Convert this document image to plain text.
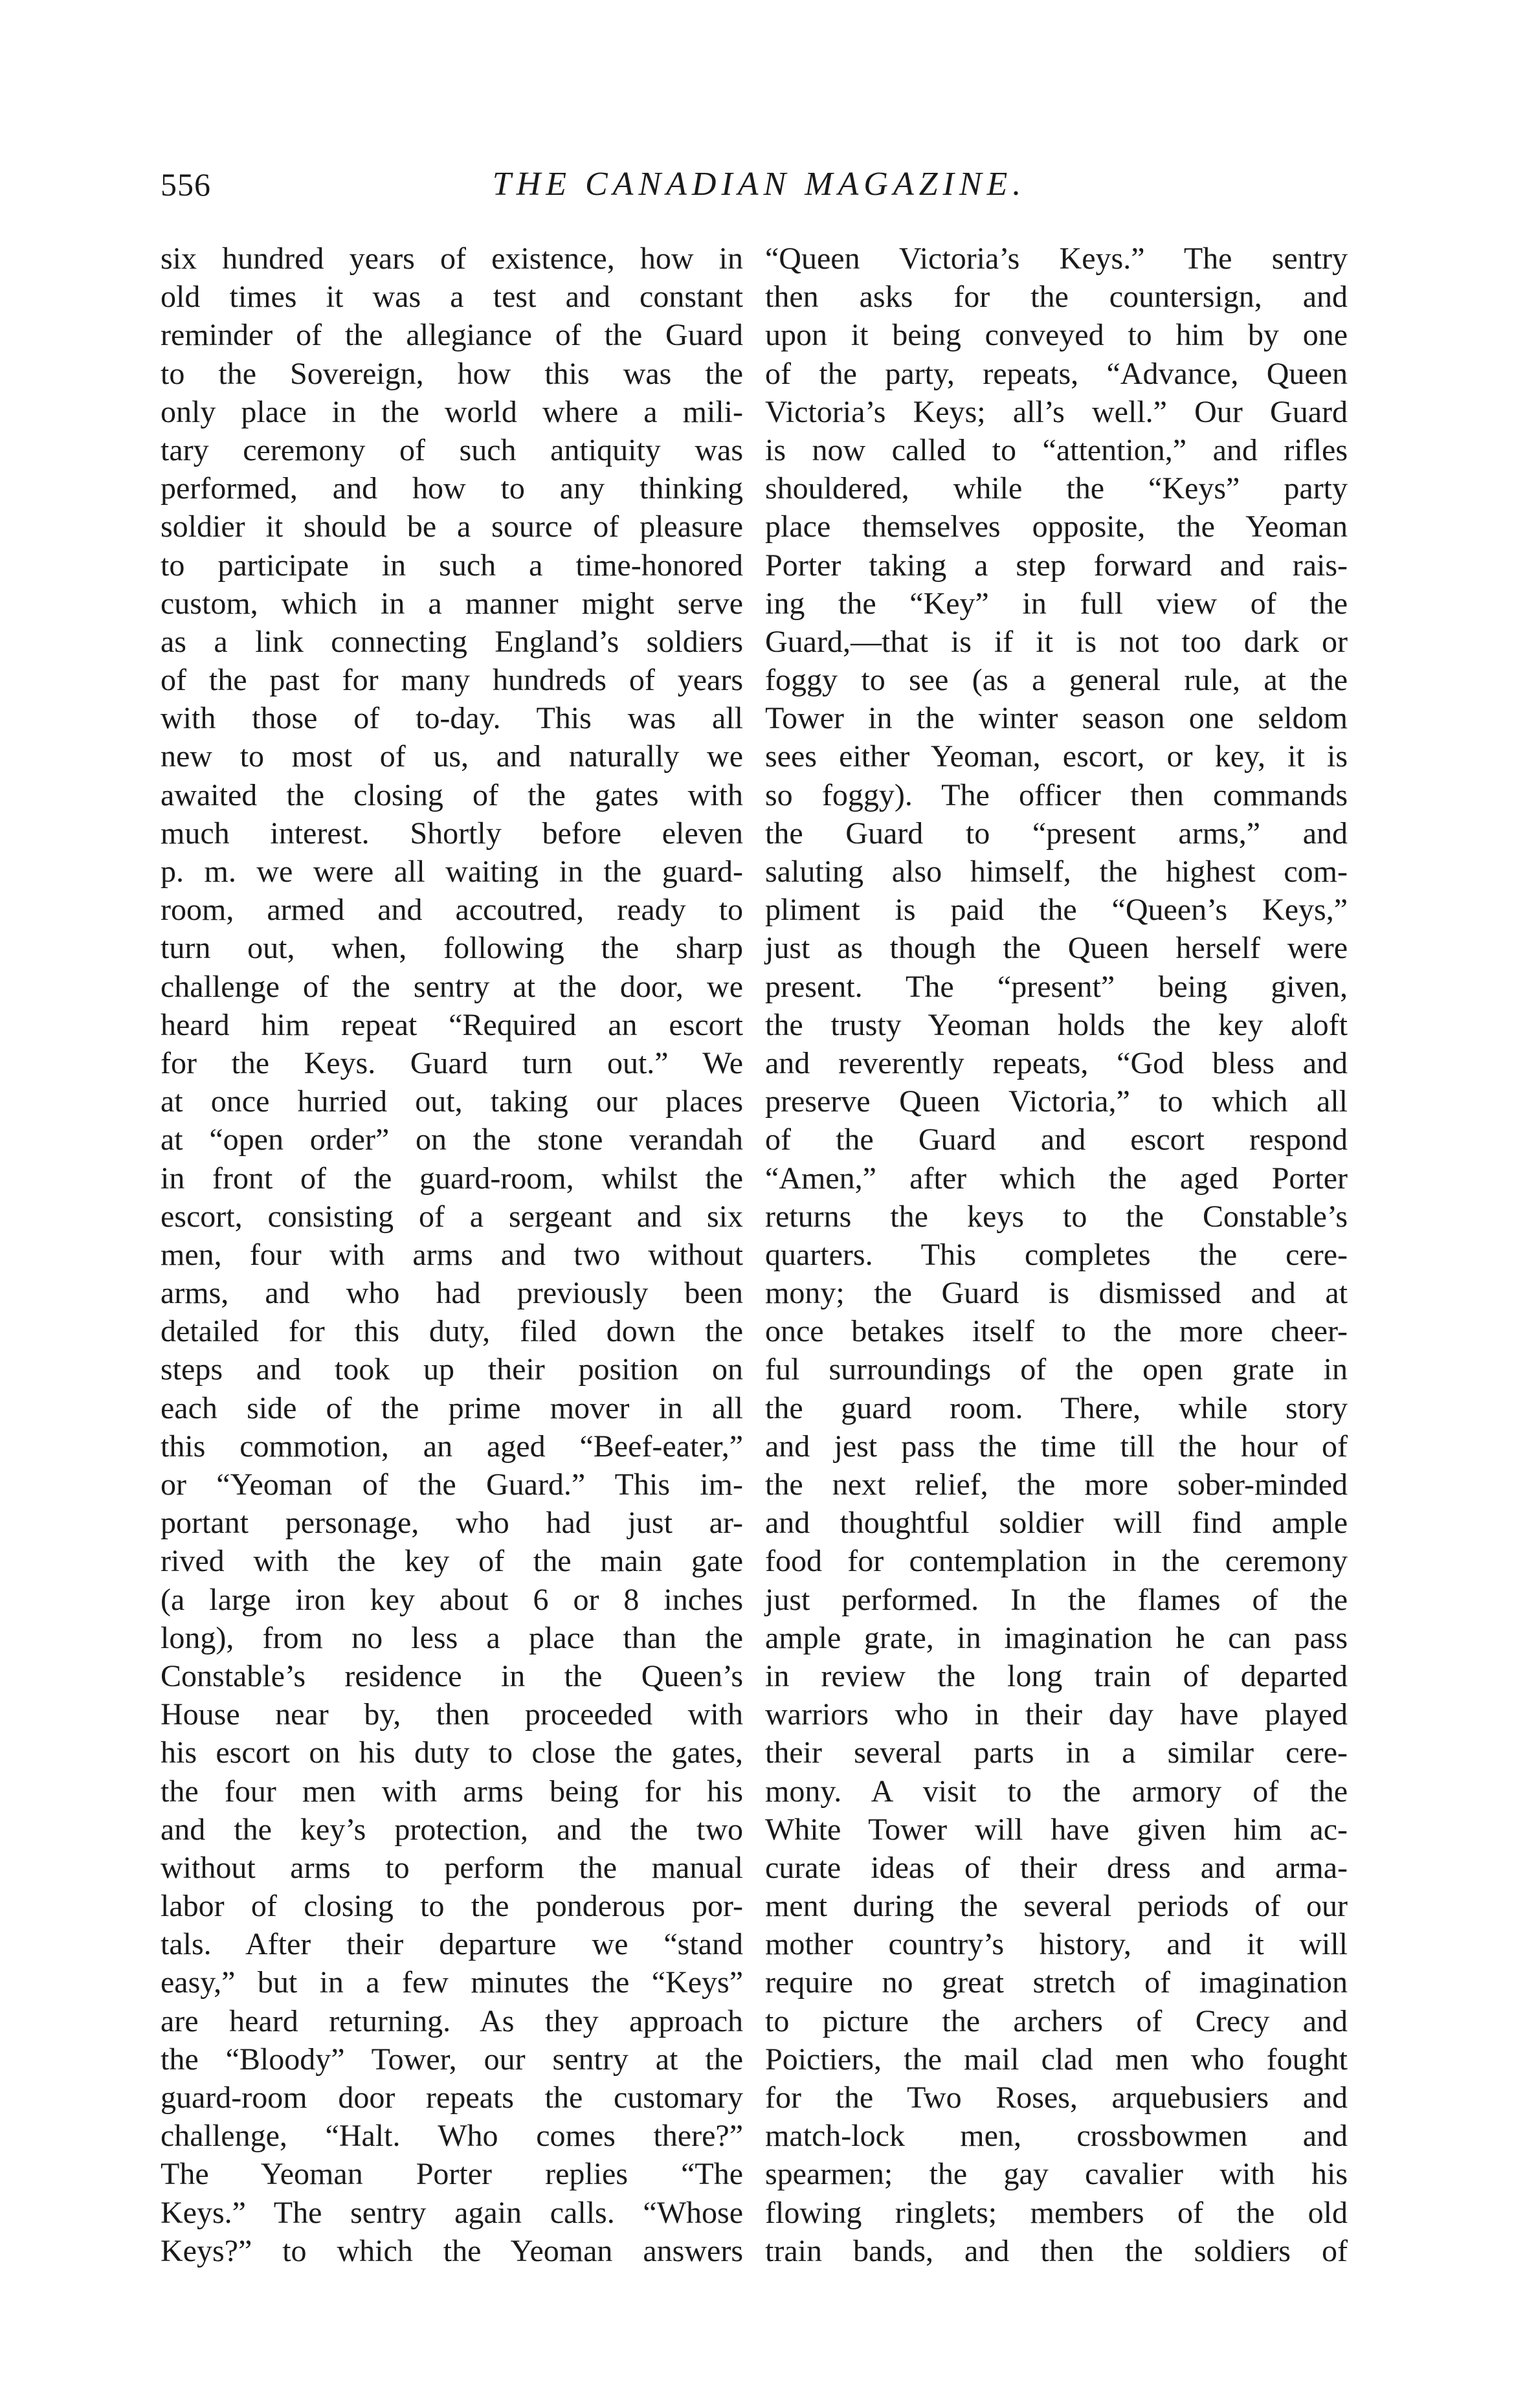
556	THE CANADIAN MAGAZINE.
six hundred years of existence, how in
old times it was a test and constant
reminder of the allegiance of the Guard
to the Sovereign, how this was the
only place in the world where a mili-
tary ceremony of such antiquity was
performed, and how to any thinking
soldier it should be a source of pleasure
to participate in such a time-honored
custom, which in a manner might serve
as a link connecting England’s soldiers
of the past for many hundreds of years
with those of to-day. This was all
new to most of us, and naturally we
awaited the closing of the gates with
much interest. Shortly before eleven
p. m. we were all waiting in the guard-
room, armed and accoutred, ready to
turn out, when, following the sharp
challenge of the sentry at the door, we
heard him repeat “Required an escort
for the Keys. Guard turn out.” We
at once hurried out, taking our places
at “open order” on the stone verandah
in front of the guard-room, whilst the
escort, consisting of a sergeant and six
men, four with arms and two without
arms, and who had previously been
detailed for this duty, filed down the
steps and took up their position on
each side of the prime mover in all
this commotion, an aged “Beef-eater,”
or “Yeoman of the Guard.” This im-
portant personage, who had just ar-
rived with the key of the main gate
(a large iron key about 6 or 8 inches
long), from no less a place than the
Constable’s residence in the Queen’s
House near by, then proceeded with
his escort on his duty to close the gates,
the four men with arms being for his
and the key’s protection, and the two
without arms to perform the manual
labor of closing to the ponderous por-
tals. After their departure we “stand
easy,” but in a few minutes the “Keys”
are heard returning. As they approach
the “Bloody” Tower, our sentry at the
guard-room door repeats the customary
challenge, “Halt. Who comes there?”
The Yeoman Porter replies “The
Keys.” The sentry again calls. “Whose
Keys?” to which the Yeoman answers
“Queen Victoria’s Keys.” The sentry
then asks for the countersign, and
upon it being conveyed to him by one
of the party, repeats, “Advance, Queen
Victoria’s Keys; all’s well.” Our Guard
is now called to “attention,” and rifles
shouldered, while the “Keys” party
place themselves opposite, the Yeoman
Porter taking a step forward and rais-
ing the “Key” in full view of the
Guard,—that is if it is not too dark or
foggy to see (as a general rule, at the
Tower in the winter season one seldom
sees either Yeoman, escort, or key, it is
so foggy). The officer then commands
the Guard to “present arms,” and
saluting also himself, the highest com-
pliment is paid the “Queen’s Keys,”
just as though the Queen herself were
present. The “present” being given,
the trusty Yeoman holds the key aloft
and reverently repeats, “God bless and
preserve Queen Victoria,” to which all
of the Guard and escort respond
“Amen,” after which the aged Porter
returns the keys to the Constable’s
quarters. This completes the cere-
mony; the Guard is dismissed and at
once betakes itself to the more cheer-
ful surroundings of the open grate in
the guard room. There, while story
and jest pass the time till the hour of
the next relief, the more sober-minded
and thoughtful soldier will find ample
food for contemplation in the ceremony
just performed. In the flames of the
ample grate, in imagination he can pass
in review the long train of departed
warriors who in their day have played
their several parts in a similar cere-
mony. A visit to the armory of the
White Tower will have given him ac-
curate ideas of their dress and arma-
ment during the several periods of our
mother country’s history, and it will
require no great stretch of imagination
to picture the archers of Crecy and
Poictiers, the mail clad men who fought
for the Two Roses, arquebusiers and
match-lock men, crossbowmen and
spearmen; the gay cavalier with his
flowing ringlets; members of the old
train bands, and then the soldiers of
